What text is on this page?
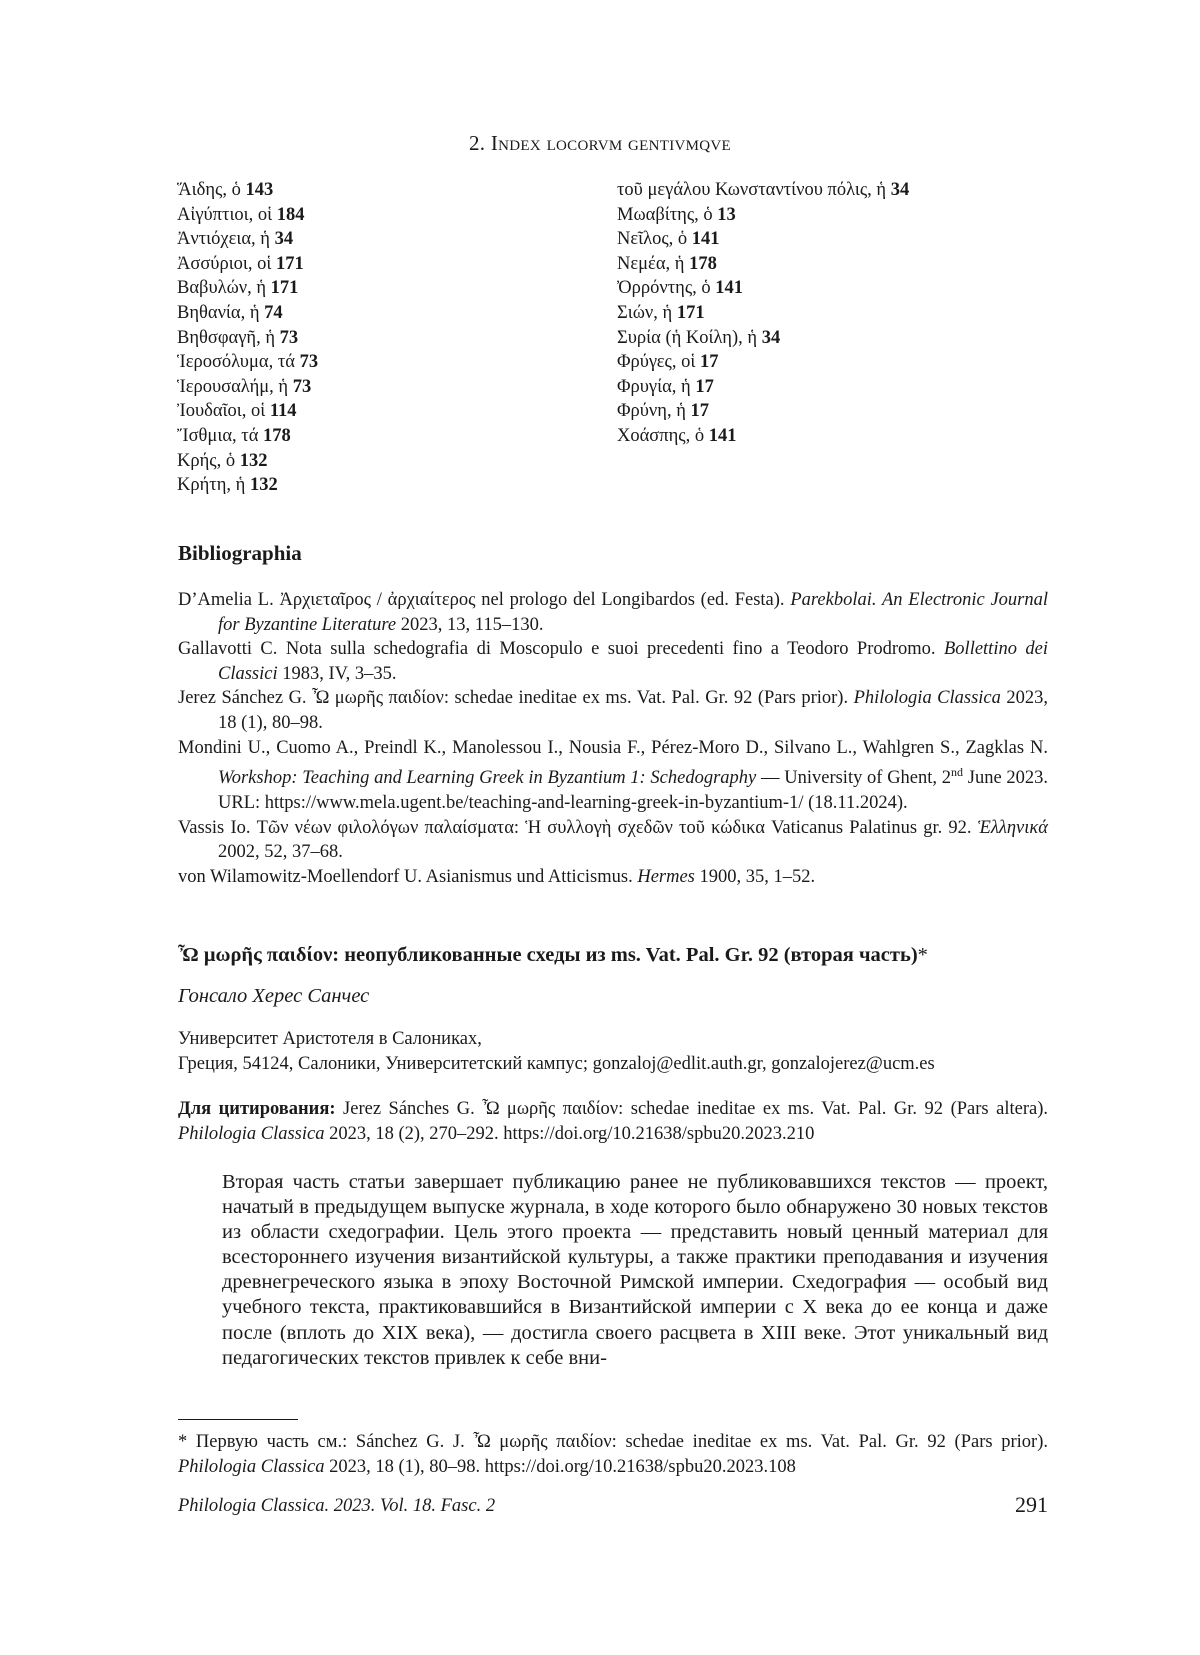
2. Index locorvm gentivmqve
Ἅιδης, ὁ 143
Αἰγύπτιοι, οἱ 184
Ἀντιόχεια, ἡ 34
Ἀσσύριοι, οἱ 171
Βαβυλών, ἡ 171
Βηθανία, ἡ 74
Βηθσφαγῆ, ἡ 73
Ἱεροσόλυμα, τά 73
Ἱερουσαλήμ, ἡ 73
Ἰουδαῖοι, οἱ 114
Ἴσθμια, τά 178
Κρής, ὁ 132
Κρήτη, ἡ 132
τοῦ μεγάλου Κωνσταντίνου πόλις, ἡ 34
Μωαβίτης, ὁ 13
Νεῖλος, ὁ 141
Νεμέα, ἡ 178
Ὀρρόντης, ὁ 141
Σιών, ἡ 171
Συρία (ἡ Κοίλη), ἡ 34
Φρύγες, οἱ 17
Φρυγία, ἡ 17
Φρύνη, ἡ 17
Χοάσπης, ὁ 141
Bibliographia
D’Amelia L. Ἀρχιεταῖρος / ἀρχιαίτερος nel prologo del Longibardos (ed. Festa). Parekbolai. An Electronic Journal for Byzantine Literature 2023, 13, 115–130.
Gallavotti C. Nota sulla schedografia di Moscopulo e suoi precedenti fino a Teodoro Prodromo. Bollettino dei Classici 1983, IV, 3–35.
Jerez Sánchez G. Ὦ μωρῆς παιδίον: schedae ineditae ex ms. Vat. Pal. Gr. 92 (Pars prior). Philologia Classica 2023, 18 (1), 80–98.
Mondini U., Cuomo A., Preindl K., Manolessou I., Nousia F., Pérez-Moro D., Silvano L., Wahlgren S., Zagklas N. Workshop: Teaching and Learning Greek in Byzantium 1: Schedography — University of Ghent, 2nd June 2023. URL: https://www.mela.ugent.be/teaching-and-learning-greek-in-byzantium-1/ (18.11.2024).
Vassis Io. Τῶν νέων φιλολόγων παλαίσματα: Ἡ συλλογὴ σχεδῶν τοῦ κώδικα Vaticanus Palatinus gr. 92. Ἑλληνικά 2002, 52, 37–68.
von Wilamowitz-Moellendorf U. Asianismus und Atticismus. Hermes 1900, 35, 1–52.
Ὦ μωρῆς παιδίον: неопубликованные схеды из ms. Vat. Pal. Gr. 92 (вторая часть)*
Гонсало Херес Санчес
Университет Аристотеля в Салониках,
Греция, 54124, Салоники, Университетский кампус; gonzaloj@edlit.auth.gr, gonzalojerez@ucm.es
Для цитирования: Jerez Sánches G. Ὦ μωρῆς παιδίον: schedae ineditae ex ms. Vat. Pal. Gr. 92 (Pars altera). Philologia Classica 2023, 18 (2), 270–292. https://doi.org/10.21638/spbu20.2023.210
Вторая часть статьи завершает публикацию ранее не публиковавшихся текстов — проект, начатый в предыдущем выпуске журнала, в ходе которого было обнаружено 30 новых текстов из области схедографии. Цель этого проекта — представить новый ценный материал для всестороннего изучения византийской культуры, а также практики преподавания и изучения древнегреческого языка в эпоху Восточной Римской империи. Схедография — особый вид учебного текста, практиковавшийся в Византийской империи с X века до ее конца и даже после (вплоть до XIX века), — достигла своего расцвета в XIII веке. Этот уникальный вид педагогических текстов привлек к себе вни-
* Первую часть см.: Sánchez G. J. Ὦ μωρῆς παιδίον: schedae ineditae ex ms. Vat. Pal. Gr. 92 (Pars prior). Philologia Classica 2023, 18 (1), 80–98. https://doi.org/10.21638/spbu20.2023.108
Philologia Classica. 2023. Vol. 18. Fasc. 2	291
